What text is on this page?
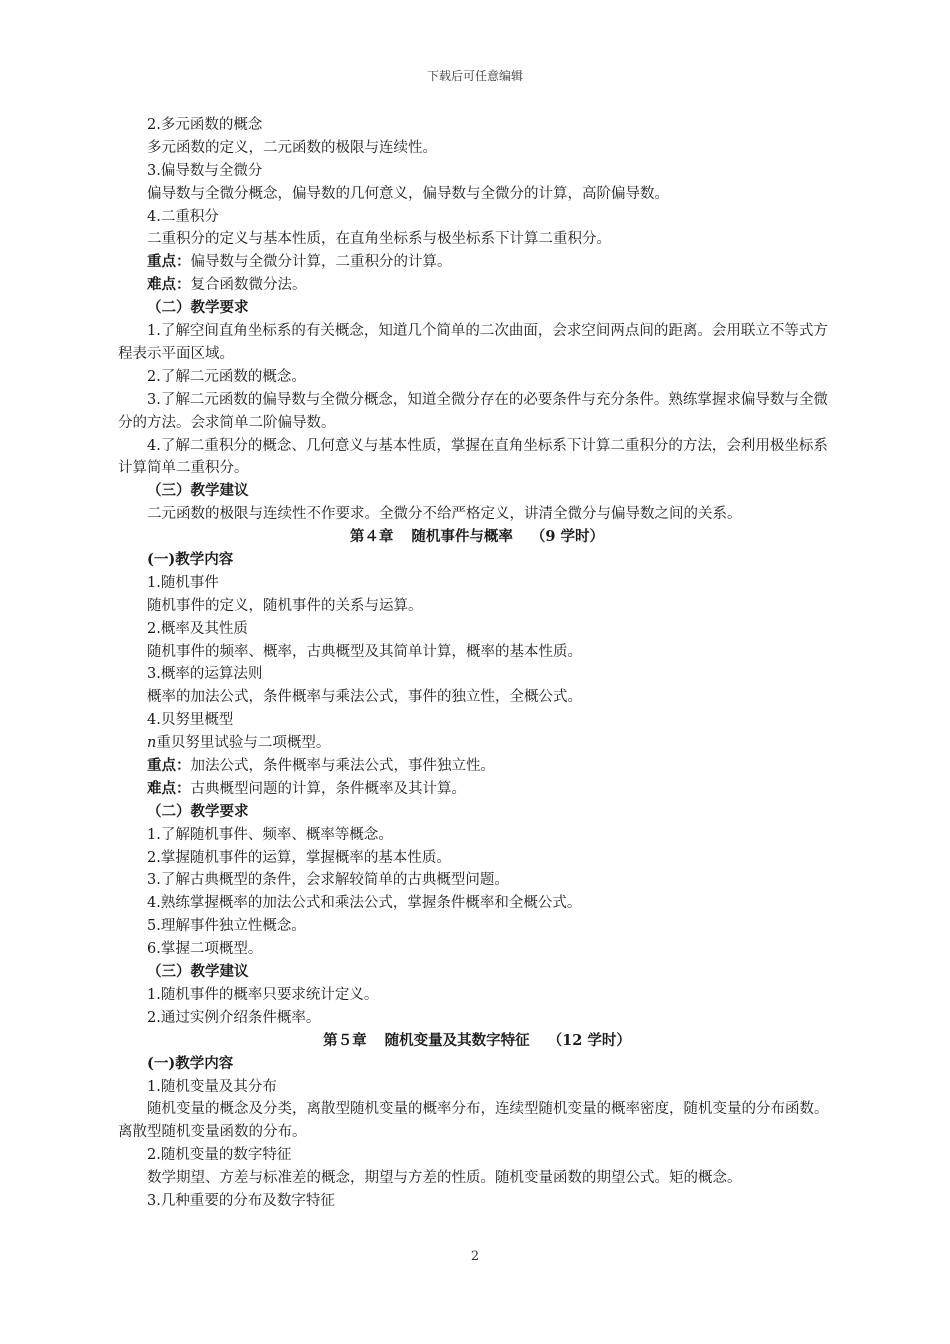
下载后可任意编辑
2.多元函数的概念
多元函数的定义，二元函数的极限与连续性。
3.偏导数与全微分
偏导数与全微分概念，偏导数的几何意义，偏导数与全微分的计算，高阶偏导数。
4.二重积分
二重积分的定义与基本性质，在直角坐标系与极坐标系下计算二重积分。
重点：偏导数与全微分计算，二重积分的计算。
难点：复合函数微分法。
（二）教学要求
1.了解空间直角坐标系的有关概念，知道几个简单的二次曲面，会求空间两点间的距离。会用联立不等式方程表示平面区域。
2.了解二元函数的概念。
3.了解二元函数的偏导数与全微分概念，知道全微分存在的必要条件与充分条件。熟练掌握求偏导数与全微分的方法。会求简单二阶偏导数。
4.了解二重积分的概念、几何意义与基本性质，掌握在直角坐标系下计算二重积分的方法，会利用极坐标系计算简单二重积分。
（三）教学建议
二元函数的极限与连续性不作要求。全微分不给严格定义，讲清全微分与偏导数之间的关系。
第４章 随机事件与概率 （9 学时）
(一)教学内容
1.随机事件
随机事件的定义，随机事件的关系与运算。
2.概率及其性质
随机事件的频率、概率，古典概型及其简单计算，概率的基本性质。
3.概率的运算法则
概率的加法公式，条件概率与乘法公式，事件的独立性，全概公式。
4.贝努里概型
n重贝努里试验与二项概型。
重点：加法公式，条件概率与乘法公式，事件独立性。
难点：古典概型问题的计算，条件概率及其计算。
（二）教学要求
1.了解随机事件、频率、概率等概念。
2.掌握随机事件的运算，掌握概率的基本性质。
3.了解古典概型的条件，会求解较简单的古典概型问题。
4.熟练掌握概率的加法公式和乘法公式，掌握条件概率和全概公式。
5.理解事件独立性概念。
6.掌握二项概型。
（三）教学建议
1.随机事件的概率只要求统计定义。
2.通过实例介绍条件概率。
第５章 随机变量及其数字特征 （12 学时）
(一)教学内容
1.随机变量及其分布
随机变量的概念及分类，离散型随机变量的概率分布，连续型随机变量的概率密度，随机变量的分布函数。离散型随机变量函数的分布。
2.随机变量的数字特征
数学期望、方差与标准差的概念，期望与方差的性质。随机变量函数的期望公式。矩的概念。
3.几种重要的分布及数字特征
2
